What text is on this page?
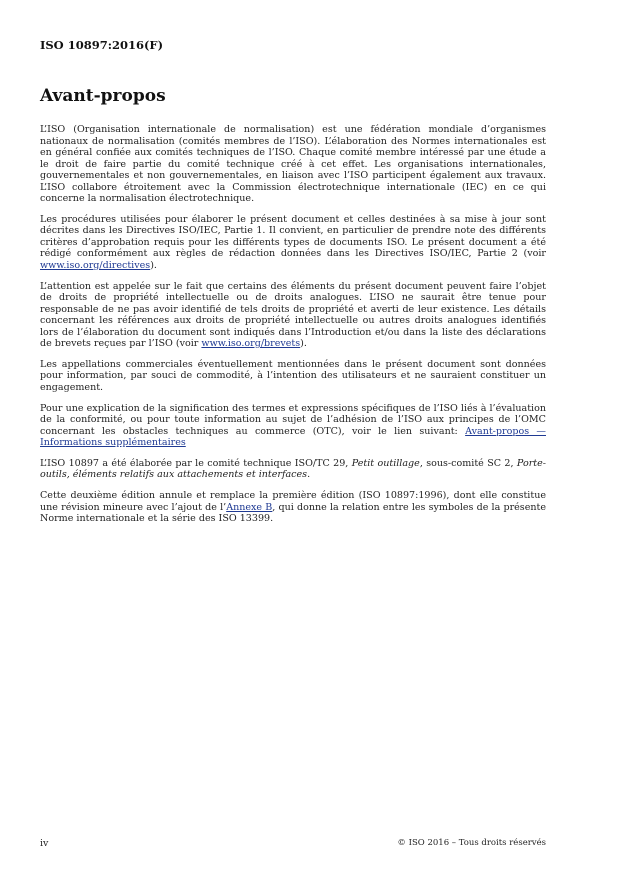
ISO 10897:2016(F)
Avant-propos

L’ISO (Organisation internationale de normalisation) est une fédération mondiale d’organismes nationaux de normalisation (comités membres de l’ISO). L’élaboration des Normes internationales est en général confiée aux comités techniques de l’ISO. Chaque comité membre intéressé par une étude a le droit de faire partie du comité technique créé à cet effet. Les organisations internationales, gouvernementales et non gouvernementales, en liaison avec l’ISO participent également aux travaux. L’ISO collabore étroitement avec la Commission électrotechnique internationale (IEC) en ce qui concerne la normalisation électrotechnique.

Les procédures utilisées pour élaborer le présent document et celles destinées à sa mise à jour sont décrites dans les Directives ISO/IEC, Partie 1. Il convient, en particulier de prendre note des différents critères d’approbation requis pour les différents types de documents ISO. Le présent document a été rédigé conformément aux règles de rédaction données dans les Directives ISO/IEC, Partie 2 (voir www.iso.org/directives).

L’attention est appelée sur le fait que certains des éléments du présent document peuvent faire l’objet de droits de propriété intellectuelle ou de droits analogues. L’ISO ne saurait être tenue pour responsable de ne pas avoir identifié de tels droits de propriété et averti de leur existence. Les détails concernant les références aux droits de propriété intellectuelle ou autres droits analogues identifiés lors de l’élaboration du document sont indiqués dans l’Introduction et/ou dans la liste des déclarations de brevets reçues par l’ISO (voir www.iso.org/brevets).

Les appellations commerciales éventuellement mentionnées dans le présent document sont données pour information, par souci de commodité, à l’intention des utilisateurs et ne sauraient constituer un engagement.

Pour une explication de la signification des termes et expressions spécifiques de l’ISO liés à l’évaluation de la conformité, ou pour toute information au sujet de l’adhésion de l’ISO aux principes de l’OMC concernant les obstacles techniques au commerce (OTC), voir le lien suivant: Avant-propos — Informations supplémentaires

L’ISO 10897 a été élaborée par le comité technique ISO/TC 29, Petit outillage, sous-comité SC 2, Porte-outils, éléments relatifs aux attachements et interfaces.

Cette deuxième édition annule et remplace la première édition (ISO 10897:1996), dont elle constitue une révision mineure avec l’ajout de l’Annexe B, qui donne la relation entre les symboles de la présente Norme internationale et la série des ISO 13399.

iv	© ISO 2016 – Tous droits réservés
